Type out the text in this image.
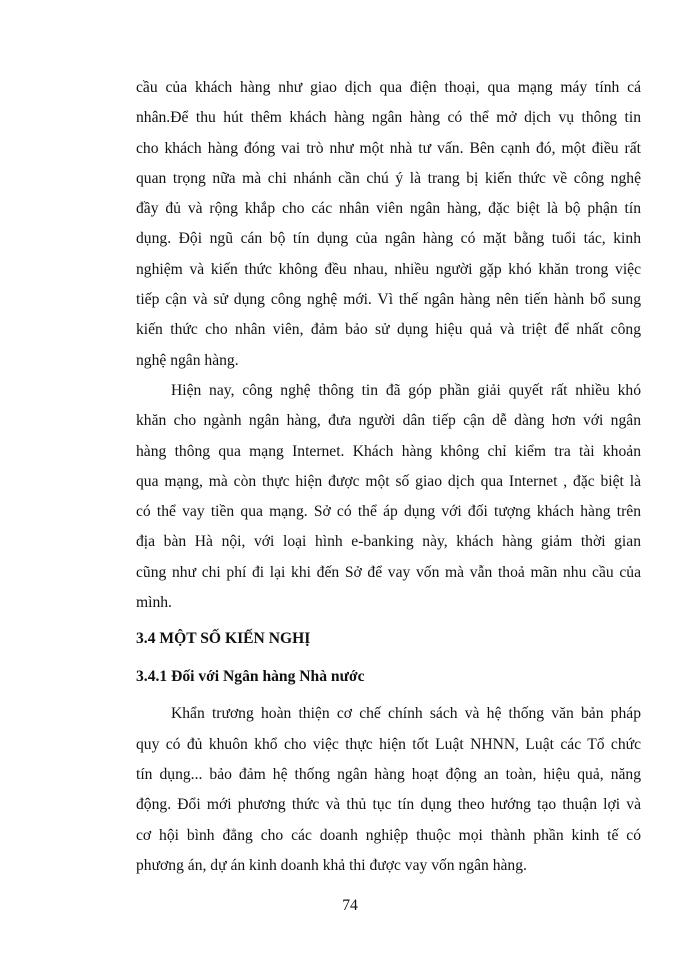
cầu của khách hàng như giao dịch qua điện thoại, qua mạng máy tính cá
nhân.Để thu hút thêm khách hàng ngân hàng có thể mở dịch vụ thông tin
cho khách hàng đóng vai trò như một nhà tư vấn. Bên cạnh đó, một điều rất
quan trọng nữa mà chi nhánh cần chú ý là trang bị kiến thức về công nghệ
đầy đủ và rộng khắp cho các nhân viên ngân hàng, đặc biệt là bộ phận tín
dụng. Đội ngũ cán bộ tín dụng của ngân hàng có mặt bằng tuổi tác, kinh
nghiệm và kiến thức không đều nhau, nhiều người gặp khó khăn trong việc
tiếp cận và sử dụng công nghệ mới. Vì thế ngân hàng nên tiến hành bổ sung
kiến thức cho nhân viên, đảm bảo sử dụng hiệu quả và triệt để nhất công
nghệ ngân hàng.
Hiện nay, công nghệ thông tin đã góp phần giải quyết rất nhiều khó
khăn cho ngành ngân hàng, đưa người dân tiếp cận dễ dàng hơn với ngân
hàng thông qua mạng Internet. Khách hàng không chỉ kiểm tra tài khoản
qua mạng, mà còn thực hiện được một số giao dịch qua Internet , đặc biệt là
có thể vay tiền qua mạng. Sở có thể áp dụng với đối tượng khách hàng trên
địa bàn Hà nội, với loại hình e-banking này, khách hàng giảm thời gian
cũng như chi phí đi lại khi đến Sở để vay vốn mà vẫn thoả mãn nhu cầu của
mình.
3.4 MỘT SỐ KIẾN NGHỊ
3.4.1 Đối với Ngân hàng Nhà nước
Khẩn trương hoàn thiện cơ chế chính sách và hệ thống văn bản pháp
quy có đủ khuôn khổ cho việc thực hiện tốt Luật NHNN, Luật các Tổ chức
tín dụng... bảo đảm hệ thống ngân hàng hoạt động an toàn, hiệu quả, năng
động. Đổi mới phương thức và thủ tục tín dụng theo hướng tạo thuận lợi và
cơ hội bình đẳng cho các doanh nghiệp thuộc mọi thành phần kinh tế có
phương án, dự án kinh doanh khả thi được vay vốn ngân hàng.
74
